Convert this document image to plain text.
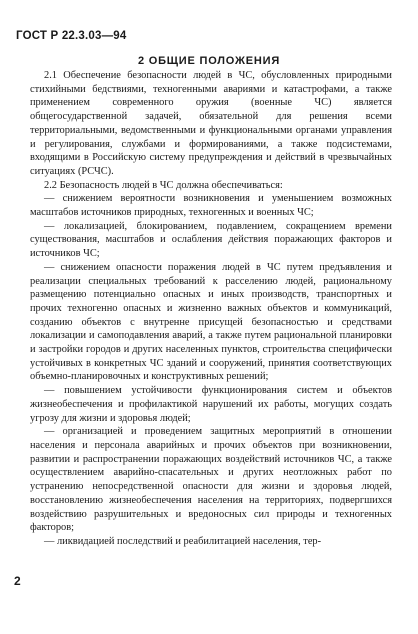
ГОСТ Р 22.3.03—94
2 ОБЩИЕ ПОЛОЖЕНИЯ

2.1 Обеспечение безопасности людей в ЧС, обусловленных природными стихийными бедствиями, техногенными авариями и катастрофами, а также применением современного оружия (военные ЧС) является общегосударственной задачей, обязательной для решения всеми территориальными, ведомственными и функциональными органами управления и регулирования, службами и формированиями, а также подсистемами, входящими в Российскую систему предупреждения и действий в чрезвычайных ситуациях (РСЧС).

2.2 Безопасность людей в ЧС должна обеспечиваться:

— снижением вероятности возникновения и уменьшением возможных масштабов источников природных, техногенных и военных ЧС;

— локализацией, блокированием, подавлением, сокращением времени существования, масштабов и ослабления действия поражающих факторов и источников ЧС;

— снижением опасности поражения людей в ЧС путем предъявления и реализации специальных требований к расселению людей, рациональному размещению потенциально опасных и иных производств, транспортных и прочих техногенно опасных и жизненно важных объектов и коммуникаций, созданию объектов с внутренне присущей безопасностью и средствами локализации и самоподавления аварий, а также путем рациональной планировки и застройки городов и других населенных пунктов, строительства специфически устойчивых в конкретных ЧС зданий и сооружений, принятия соответствующих объемно-планировочных и конструктивных решений;

— повышением устойчивости функционирования систем и объектов жизнеобеспечения и профилактикой нарушений их работы, могущих создать угрозу для жизни и здоровья людей;

— организацией и проведением защитных мероприятий в отношении населения и персонала аварийных и прочих объектов при возникновении, развитии и распространении поражающих воздействий источников ЧС, а также осуществлением аварийно-спасательных и других неотложных работ по устранению непосредственной опасности для жизни и здоровья людей, восстановлению жизнеобеспечения населения на территориях, подвергшихся воздействию разрушительных и вредоносных сил природы и техногенных факторов;

— ликвидацией последствий и реабилитацией населения, тер-

2
